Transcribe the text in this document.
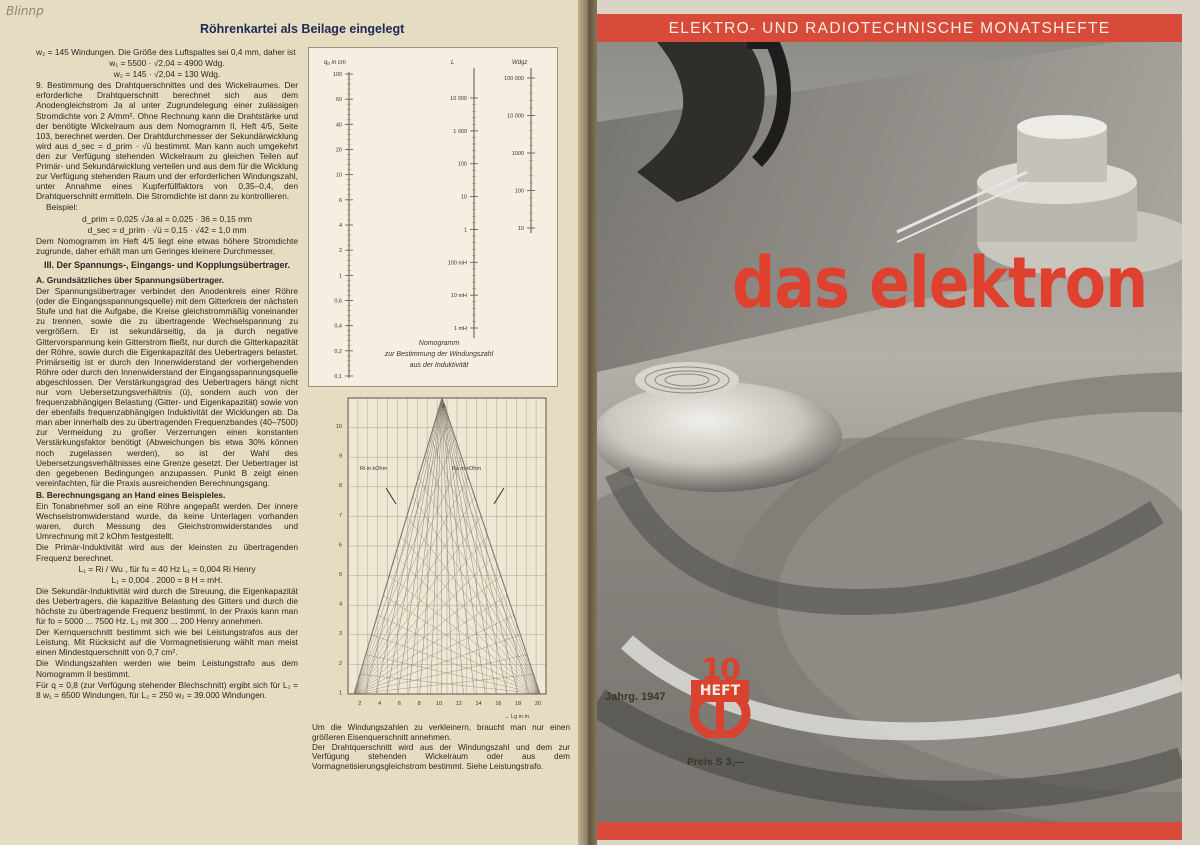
Blinnp
Röhrenkartei als Beilage eingelegt

w₂ = 145 Windungen. Die Größe des Luftspaltes sei 0,4 mm, daher ist

w₁ = 5500 · √2,04 = 4900 Wdg.

w₂ = 145 · √2,04 = 130 Wdg.

9. Bestimmung des Drahtquerschnittes und des Wickelraumes. Der erforderliche Drahtquerschnitt berechnet sich aus dem Anodengleichstrom Ja al unter Zugrundelegung einer zulässigen Stromdichte von 2 A/mm². Ohne Rechnung kann die Drahtstärke und der benötigte Wickelraum aus dem Nomogramm II, Heft 4/5, Seite 103, berechnet werden. Der Drahtdurchmesser der Sekundärwicklung wird aus d_sec = d_prim · √ü bestimmt. Man kann auch umgekehrt den zur Verfügung stehenden Wickelraum zu gleichen Teilen auf Primär- und Sekundärwicklung verteilen und aus dem für die Wicklung zur Verfügung stehenden Raum und der erforderlichen Windungszahl, unter Annahme eines Kupferfüllfaktors von 0,35–0,4, den Drahtquerschnitt ermitteln. Die Stromdichte ist dann zu kontrollieren.

Beispiel:

d_prim = 0,025 √Ja al = 0,025 · 36 = 0,15 mm

d_sec = d_prim · √ü = 0,15 · √42 = 1,0 mm

Dem Nomogramm im Heft 4/5 liegt eine etwas höhere Stromdichte zugrunde, daher erhält man um Geringes kleinere Durchmesser.

III. Der Spannungs-, Eingangs- und Kopplungsübertrager.

A. Grundsätzliches über Spannungsübertrager.

Der Spannungsübertrager verbindet den Anodenkreis einer Röhre (oder die Eingangsspannungsquelle) mit dem Gitterkreis der nächsten Stufe und hat die Aufgabe, die Kreise gleichstrommäßig voneinander zu trennen, sowie die zu übertragende Wechselspannung zu vergrößern. Er ist sekundärseitig, da ja durch negative Gittervorspannung kein Gitterstrom fließt, nur durch die Gitterkapazität der Röhre, sowie durch die Eigenkapazität des Uebertragers belastet. Primärseitig ist er durch den Innenwiderstand der vorhergehenden Röhre oder durch den Innenwiderstand der Eingangsspannungsquelle abgeschlossen. Der Verstärkungsgrad des Uebertragers hängt nicht nur vom Uebersetzungsverhältnis (ü), sondern auch von der frequenzabhängigen Belastung (Gitter- und Eigenkapazität) sowie von der ebenfalls frequenzabhängigen Induktivität der Wicklungen ab. Da man aber innerhalb des zu übertragenden Frequenzbandes (40–7500) zur Vermeidung zu großer Verzerrungen einen konstanten Verstärkungsfaktor benötigt (Abweichungen bis etwa 30% können noch zugelassen werden), so ist der Wahl des Uebersetzungsverhältnisses eine Grenze gesetzt. Der Uebertrager ist den gegebenen Bedingungen anzupassen. Punkt B zeigt einen vereinfachten, für die Praxis ausreichenden Berechnungsgang.

B. Berechnungsgang an Hand eines Beispieles.

Ein Tonabnehmer soll an eine Röhre angepaßt werden. Der innere Wechselstromwiderstand wurde, da keine Unterlagen vorhanden waren, durch Messung des Gleichstromwiderstandes und Umrechnung mit 2 kOhm festgestellt.

Die Primär-Induktivität wird aus der kleinsten zu übertragenden Frequenz berechnet.

L₁ = Ri / Wu , für fu = 40 Hz L₁ = 0,004 Ri Henry

L₁ = 0,004 . 2000 = 8 H = mH.

Die Sekundär-Induktivität wird durch die Streuung, die Eigenkapazität des Uebertragers, die kapazitive Belastung des Gitters und durch die höchste zu übertragende Frequenz bestimmt. In der Praxis kann man für fo = 5000 ... 7500 Hz. L₂ mit 300 ... 200 Henry annehmen.

Der Kernquerschnitt bestimmt sich wie bei Leistungstrafos aus der Leistung. Mit Rücksicht auf die Vormagnetisierung wählt man meist einen Mindestquerschnitt von 0,7 cm².

Die Windungszahlen werden wie beim Leistungstrafo aus dem Nomogramm II bestimmt.

Für q = 0,8 (zur Verfügung stehender Blechschnitt) ergibt sich für L₁ = 8 w₁ = 6500 Windungen, für L₂ = 250 w₂ = 39.000 Windungen.

100
60
40
20
10
6
4
2
1
0,6
0,4
0,2
0,1
10 000
1 000
100
10
1
100 mH
10 mH
1 mH
100 000
10 000
1000
100
10
q₀ in cm	L	Wdgz
Nomogramm
zur Bestimmung der Windungszahl
aus der Induktivität
10
9
8
7
6
5
4
3
2
1
2	4	6	8	10 12 14 16 18 20
Ri in kOhm	Ra in kOhm
A
→ Lg in m

Um die Windungszahlen zu verkleinern, braucht man nur einen größeren Eisenquerschnitt annehmen.

Der Drahtquerschnitt wird aus der Windungszahl und dem zur Verfügung stehenden Wickelraum oder aus dem Vormagnetisierungsgleichstrom bestimmt. Siehe Leistungstrafo.

ELEKTRO- UND RADIOTECHNISCHE MONATSHEFTE
das elektron
Jahrg. 1947
10
HEFT
Preis S 3,—
